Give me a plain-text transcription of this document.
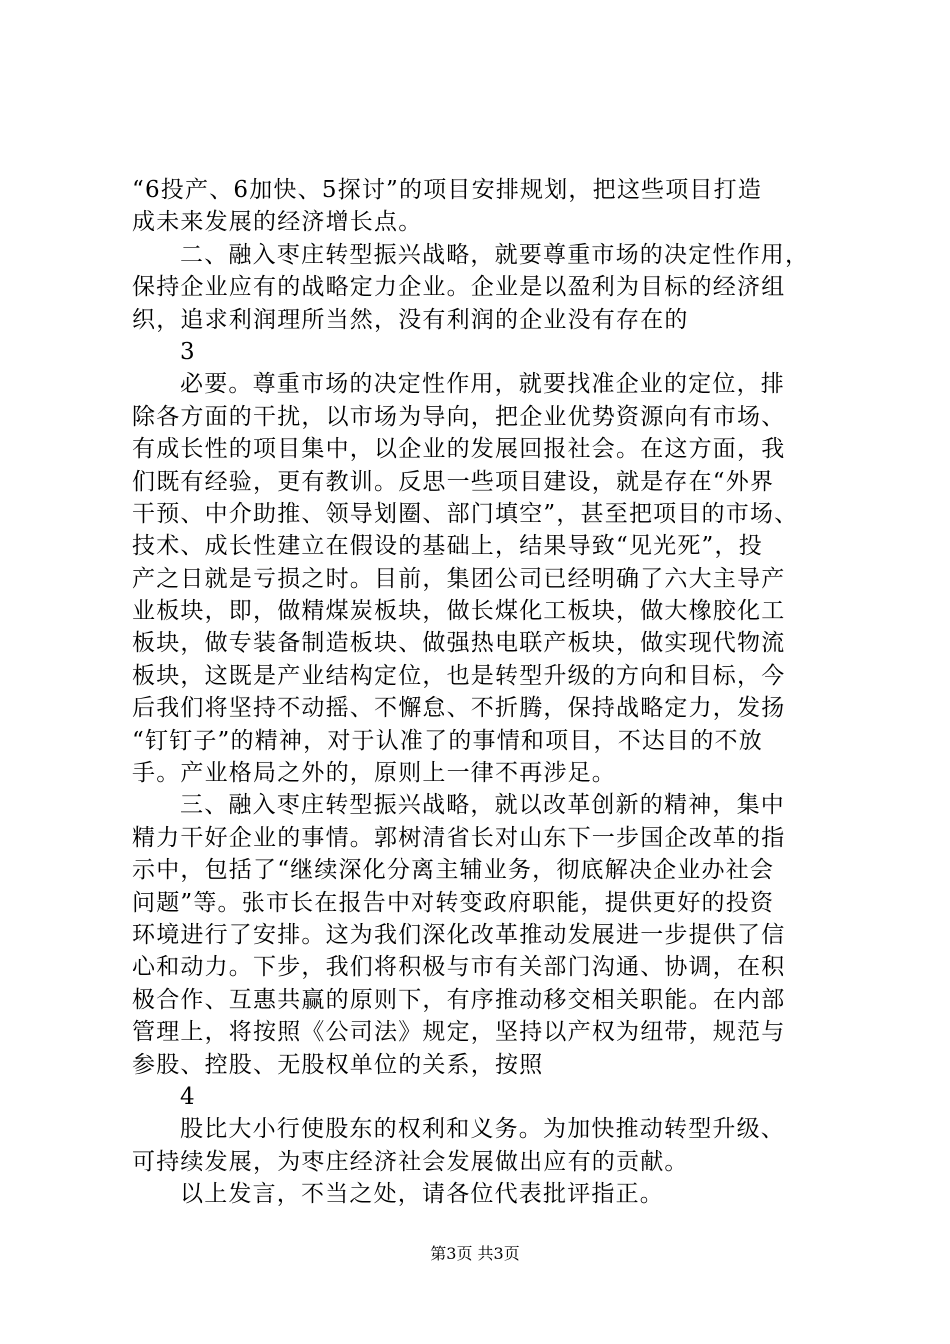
“6投产、6加快、5探讨”的项目安排规划，把这些项目打造
成未来发展的经济增长点。
二、融入枣庄转型振兴战略，就要尊重市场的决定性作用，
保持企业应有的战略定力企业。企业是以盈利为目标的经济组
织，追求利润理所当然，没有利润的企业没有存在的
3
必要。尊重市场的决定性作用，就要找准企业的定位，排
除各方面的干扰，以市场为导向，把企业优势资源向有市场、
有成长性的项目集中，以企业的发展回报社会。在这方面，我
们既有经验，更有教训。反思一些项目建设，就是存在“外界
干预、中介助推、领导划圈、部门填空”，甚至把项目的市场、
技术、成长性建立在假设的基础上，结果导致“见光死”，投
产之日就是亏损之时。目前，集团公司已经明确了六大主导产
业板块，即，做精煤炭板块，做长煤化工板块，做大橡胶化工
板块，做专装备制造板块、做强热电联产板块，做实现代物流
板块，这既是产业结构定位，也是转型升级的方向和目标，今
后我们将坚持不动摇、不懈怠、不折腾，保持战略定力，发扬
“钉钉子”的精神，对于认准了的事情和项目，不达目的不放
手。产业格局之外的，原则上一律不再涉足。
三、融入枣庄转型振兴战略，就以改革创新的精神，集中
精力干好企业的事情。郭树清省长对山东下一步国企改革的指
示中，包括了“继续深化分离主辅业务，彻底解决企业办社会
问题”等。张市长在报告中对转变政府职能，提供更好的投资
环境进行了安排。这为我们深化改革推动发展进一步提供了信
心和动力。下步，我们将积极与市有关部门沟通、协调，在积
极合作、互惠共赢的原则下，有序推动移交相关职能。在内部
管理上，将按照《公司法》规定，坚持以产权为纽带，规范与
参股、控股、无股权单位的关系，按照
4
股比大小行使股东的权利和义务。为加快推动转型升级、
可持续发展，为枣庄经济社会发展做出应有的贡献。
以上发言，不当之处，请各位代表批评指正。
第3页 共3页
